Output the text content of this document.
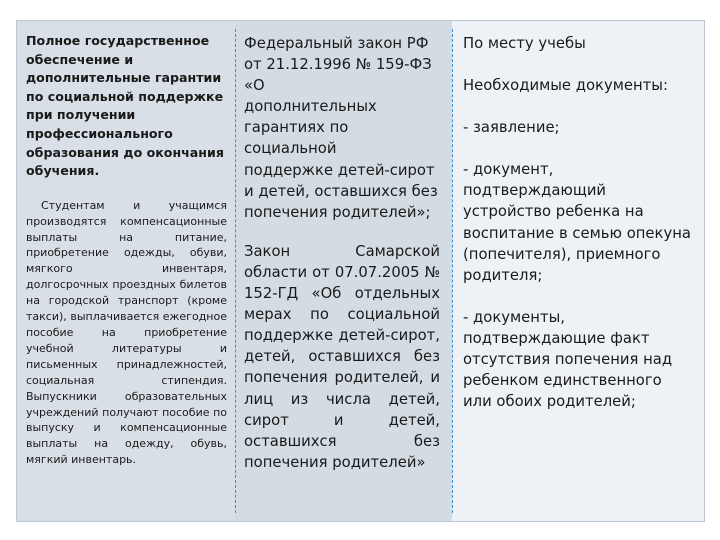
Полное государственное
обеспечение и
дополнительные гарантии
по социальной поддержке
при получении
профессионального
образования до окончания
обучения.

Студентам и учащимся производятся компенсационные выплаты на питание, приобретение одежды, обуви, мягкого инвентаря, долгосрочных проездных билетов на городской транспорт (кроме такси), выплачивается ежегодное пособие на приобретение учебной литературы и письменных принадлежностей, социальная стипендия. Выпускники образовательных учреждений получают пособие по выпуску и компенсационные выплаты на одежду, обувь, мягкий инвентарь.

Федеральный закон РФ
от 21.12.1996 № 159-ФЗ «О
дополнительных
гарантиях по социальной
поддержке детей-сирот
и детей, оставшихся без
попечения родителей»;

Закон Самарской области от 07.07.2005 № 152-ГД «Об отдельных мерах по социальной поддержке детей-сирот, детей, оставшихся без попечения родителей, и лиц из числа детей, сирот и детей, оставшихся без попечения родителей»

По месту учебы

Необходимые документы:

- заявление;

- документ, подтверждающий устройство ребенка на воспитание в семью опекуна (попечителя), приемного родителя;

- документы, подтверждающие факт отсутствия попечения над ребенком единственного или обоих родителей;
